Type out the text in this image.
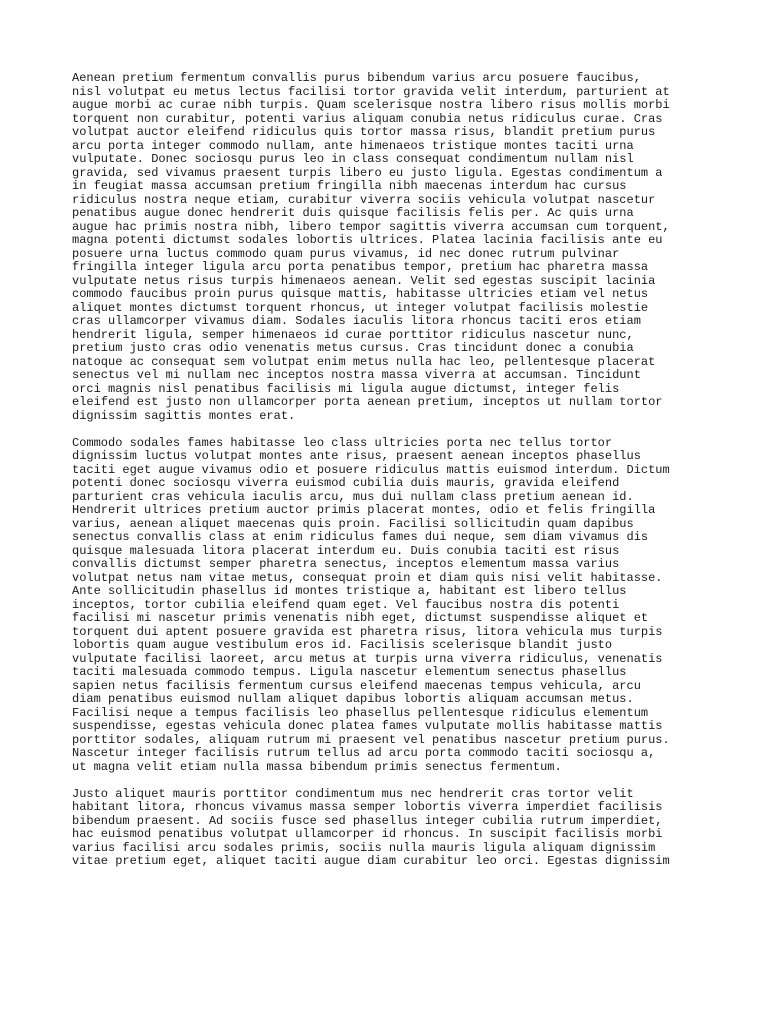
Aenean pretium fermentum convallis purus bibendum varius arcu posuere faucibus,
nisl volutpat eu metus lectus facilisi tortor gravida velit interdum, parturient at
augue morbi ac curae nibh turpis. Quam scelerisque nostra libero risus mollis morbi
torquent non curabitur, potenti varius aliquam conubia netus ridiculus curae. Cras
volutpat auctor eleifend ridiculus quis tortor massa risus, blandit pretium purus
arcu porta integer commodo nullam, ante himenaeos tristique montes taciti urna
vulputate. Donec sociosqu purus leo in class consequat condimentum nullam nisl
gravida, sed vivamus praesent turpis libero eu justo ligula. Egestas condimentum a
in feugiat massa accumsan pretium fringilla nibh maecenas interdum hac cursus
ridiculus nostra neque etiam, curabitur viverra sociis vehicula volutpat nascetur
penatibus augue donec hendrerit duis quisque facilisis felis per. Ac quis urna
augue hac primis nostra nibh, libero tempor sagittis viverra accumsan cum torquent,
magna potenti dictumst sodales lobortis ultrices. Platea lacinia facilisis ante eu
posuere urna luctus commodo quam purus vivamus, id nec donec rutrum pulvinar
fringilla integer ligula arcu porta penatibus tempor, pretium hac pharetra massa
vulputate netus risus turpis himenaeos aenean. Velit sed egestas suscipit lacinia
commodo faucibus proin purus quisque mattis, habitasse ultricies etiam vel netus
aliquet montes dictumst torquent rhoncus, ut integer volutpat facilisis molestie
cras ullamcorper vivamus diam. Sodales iaculis litora rhoncus taciti eros etiam
hendrerit ligula, semper himenaeos id curae porttitor ridiculus nascetur nunc,
pretium justo cras odio venenatis metus cursus. Cras tincidunt donec a conubia
natoque ac consequat sem volutpat enim metus nulla hac leo, pellentesque placerat
senectus vel mi nullam nec inceptos nostra massa viverra at accumsan. Tincidunt
orci magnis nisl penatibus facilisis mi ligula augue dictumst, integer felis
eleifend est justo non ullamcorper porta aenean pretium, inceptos ut nullam tortor
dignissim sagittis montes erat.

Commodo sodales fames habitasse leo class ultricies porta nec tellus tortor
dignissim luctus volutpat montes ante risus, praesent aenean inceptos phasellus
taciti eget augue vivamus odio et posuere ridiculus mattis euismod interdum. Dictum
potenti donec sociosqu viverra euismod cubilia duis mauris, gravida eleifend
parturient cras vehicula iaculis arcu, mus dui nullam class pretium aenean id.
Hendrerit ultrices pretium auctor primis placerat montes, odio et felis fringilla
varius, aenean aliquet maecenas quis proin. Facilisi sollicitudin quam dapibus
senectus convallis class at enim ridiculus fames dui neque, sem diam vivamus dis
quisque malesuada litora placerat interdum eu. Duis conubia taciti est risus
convallis dictumst semper pharetra senectus, inceptos elementum massa varius
volutpat netus nam vitae metus, consequat proin et diam quis nisi velit habitasse.
Ante sollicitudin phasellus id montes tristique a, habitant est libero tellus
inceptos, tortor cubilia eleifend quam eget. Vel faucibus nostra dis potenti
facilisi mi nascetur primis venenatis nibh eget, dictumst suspendisse aliquet et
torquent dui aptent posuere gravida est pharetra risus, litora vehicula mus turpis
lobortis quam augue vestibulum eros id. Facilisis scelerisque blandit justo
vulputate facilisi laoreet, arcu metus at turpis urna viverra ridiculus, venenatis
taciti malesuada commodo tempus. Ligula nascetur elementum senectus phasellus
sapien netus facilisis fermentum cursus eleifend maecenas tempus vehicula, arcu
diam penatibus euismod nullam aliquet dapibus lobortis aliquam accumsan metus.
Facilisi neque a tempus facilisis leo phasellus pellentesque ridiculus elementum
suspendisse, egestas vehicula donec platea fames vulputate mollis habitasse mattis
porttitor sodales, aliquam rutrum mi praesent vel penatibus nascetur pretium purus.
Nascetur integer facilisis rutrum tellus ad arcu porta commodo taciti sociosqu a,
ut magna velit etiam nulla massa bibendum primis senectus fermentum.

Justo aliquet mauris porttitor condimentum mus nec hendrerit cras tortor velit
habitant litora, rhoncus vivamus massa semper lobortis viverra imperdiet facilisis
bibendum praesent. Ad sociis fusce sed phasellus integer cubilia rutrum imperdiet,
hac euismod penatibus volutpat ullamcorper id rhoncus. In suscipit facilisis morbi
varius facilisi arcu sodales primis, sociis nulla mauris ligula aliquam dignissim
vitae pretium eget, aliquet taciti augue diam curabitur leo orci. Egestas dignissim
